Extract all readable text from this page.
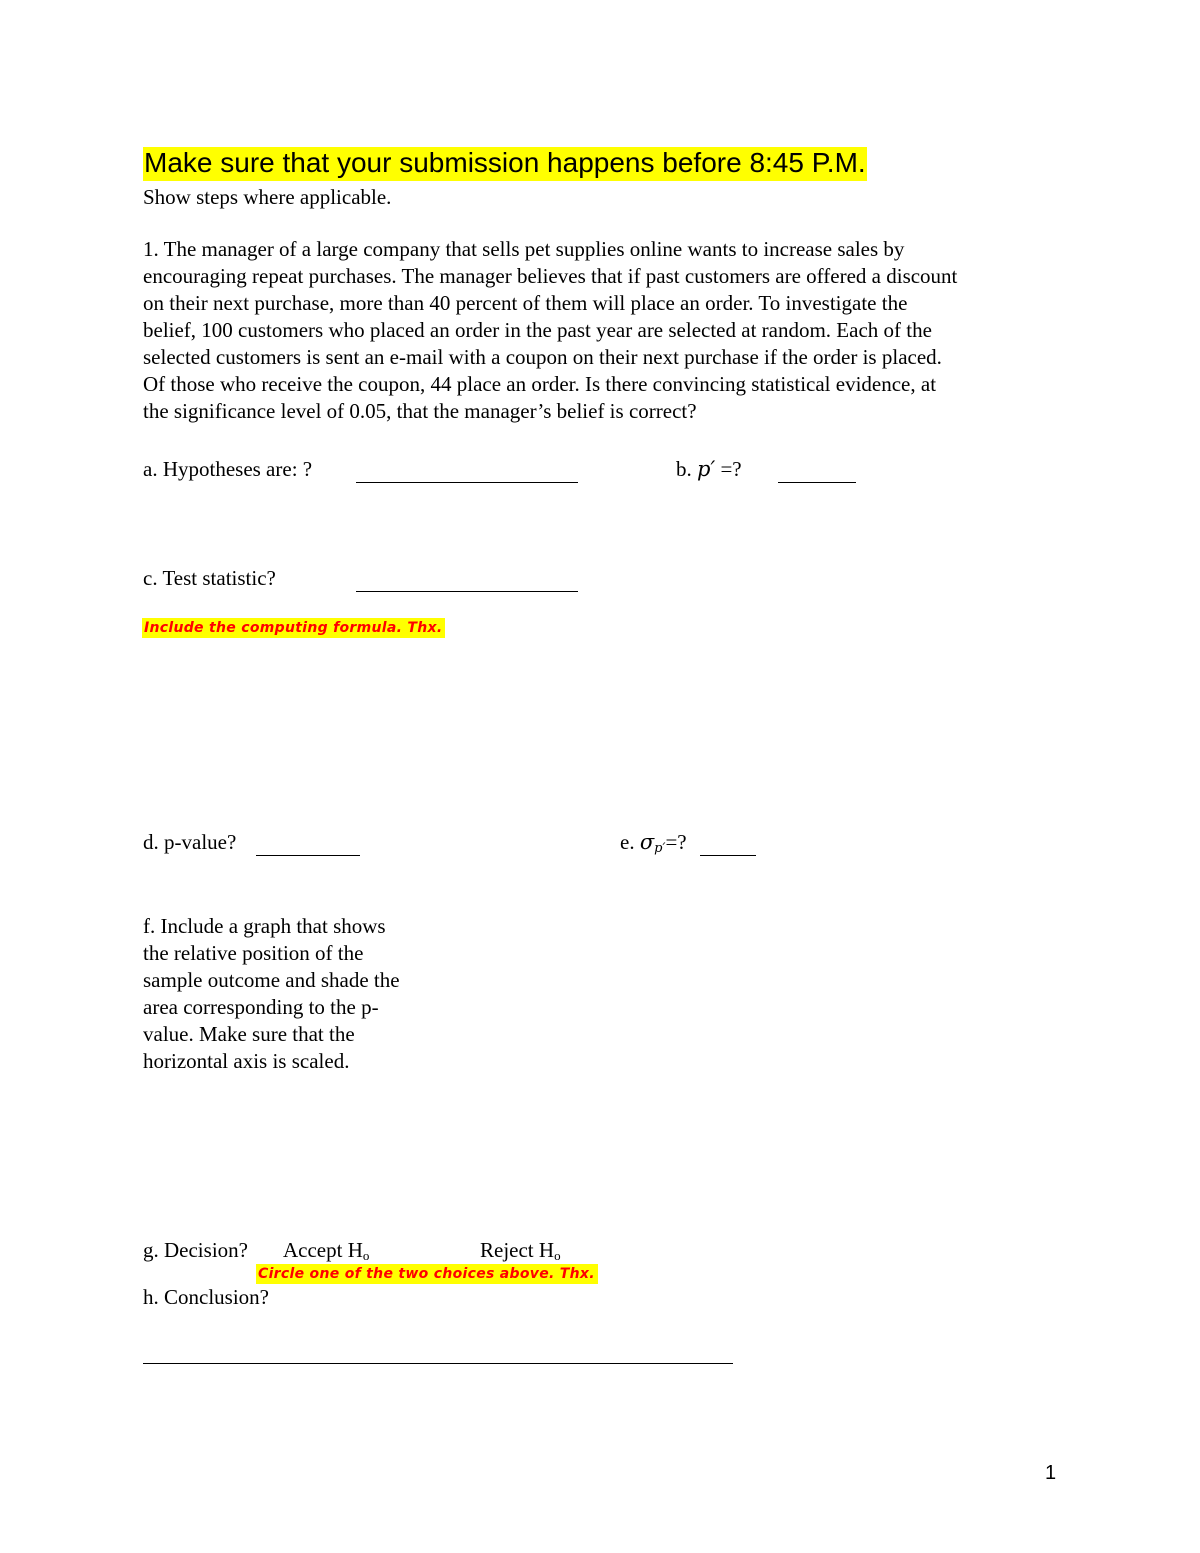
Make sure that your submission happens before 8:45 P.M.
Show steps where applicable.
1. The manager of a large company that sells pet supplies online wants to increase sales by
encouraging repeat purchases. The manager believes that if past customers are offered a discount
on their next purchase, more than 40 percent of them will place an order. To investigate the
belief, 100 customers who placed an order in the past year are selected at random. Each of the
selected customers is sent an e-mail with a coupon on their next purchase if the order is placed.
Of those who receive the coupon, 44 place an order. Is there convincing statistical evidence, at
the significance level of 0.05, that the manager’s belief is correct?
a. Hypotheses are: ?	b. p′ =?
c. Test statistic?
Include the computing formula. Thx.
d. p-value?	e. $\sigma_{p'}=$?
f. Include a graph that shows
the relative position of the
sample outcome and shade the
area corresponding to the p-
value. Make sure that the
horizontal axis is scaled.
g. Decision? Accept $H_o$	Reject $H_o$
Circle one of the two choices above. Thx.
h. Conclusion?
1
